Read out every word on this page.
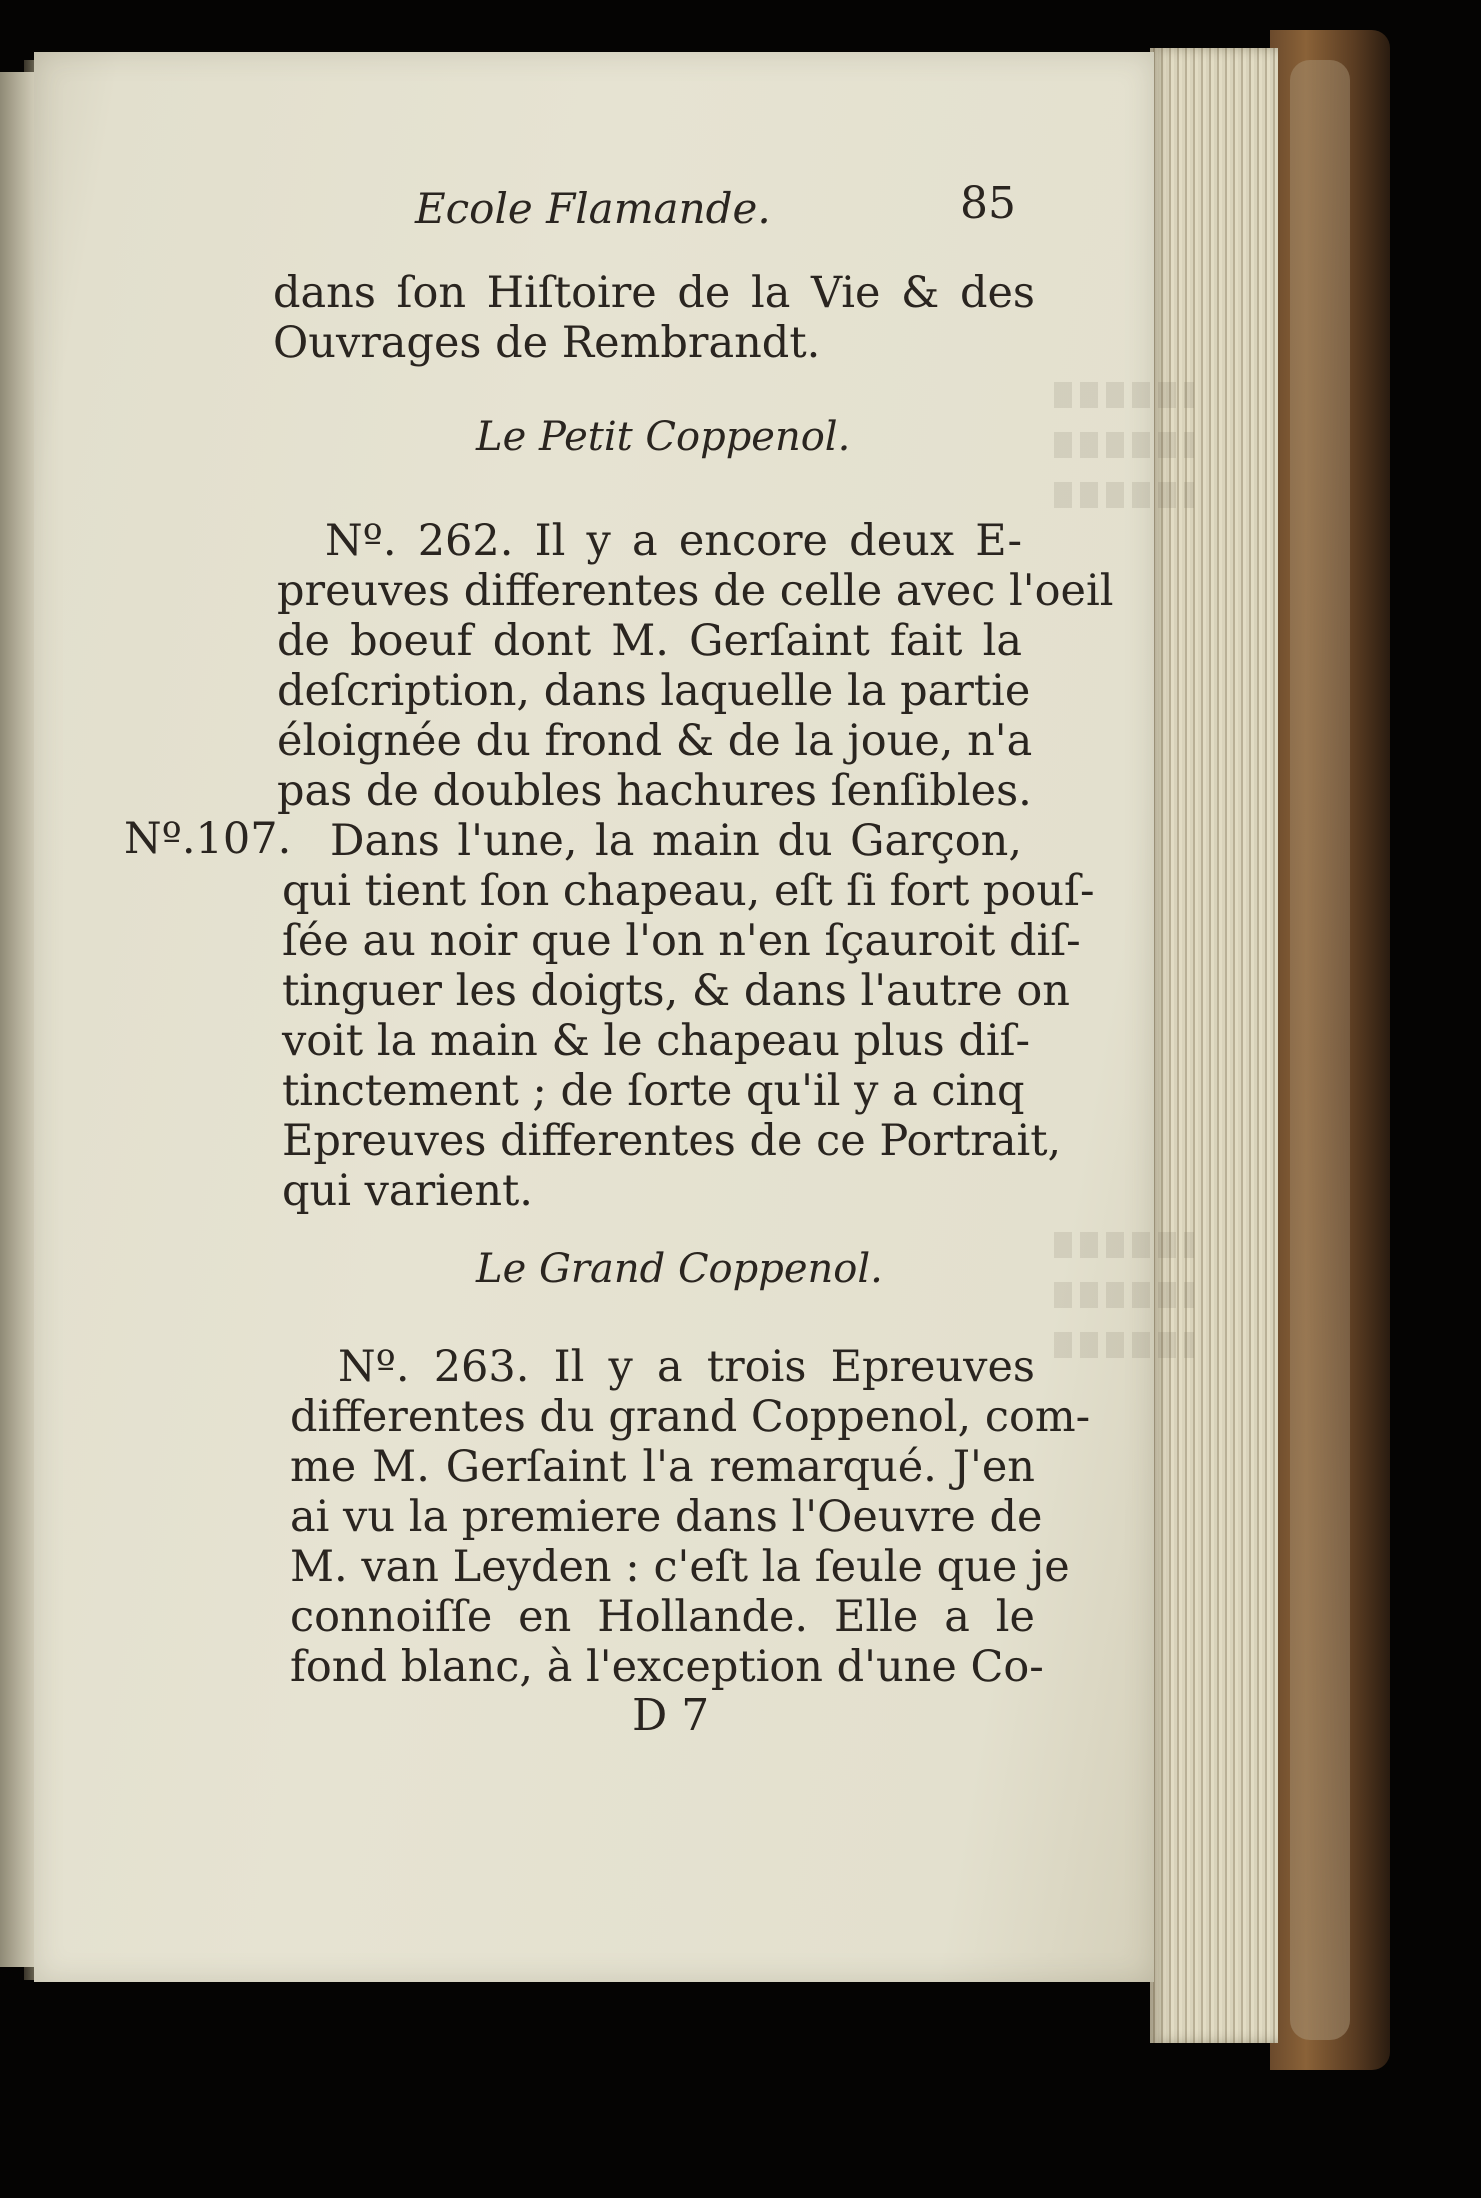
Ecole Flamande.	85

dans ſon Hiſtoire de la Vie & des
Ouvrages de Rembrandt.

Le Petit Coppenol.

Nº. 262. Il y a encore deux E-
preuves differentes de celle avec l'oeil
de boeuf dont M. Gerſaint fait la
deſcription, dans laquelle la partie
éloignée du frond & de la joue, n'a
pas de doubles hachures ſenſibles.

Nº.107. Dans l'une, la main du Garçon,
qui tient ſon chapeau, eſt ſi fort pouſ-
ſée au noir que l'on n'en ſçauroit diſ-
tinguer les doigts, & dans l'autre on
voit la main & le chapeau plus diſ-
tinctement ; de ſorte qu'il y a cinq
Epreuves differentes de ce Portrait,
qui varient.

Le Grand Coppenol.

Nº. 263. Il y a trois Epreuves
differentes du grand Coppenol, com-
me M. Gerſaint l'a remarqué. J'en
ai vu la premiere dans l'Oeuvre de
M. van Leyden : c'eſt la ſeule que je
connoiſſe en Hollande. Elle a le
fond blanc, à l'exception d'une Co-

D 7
